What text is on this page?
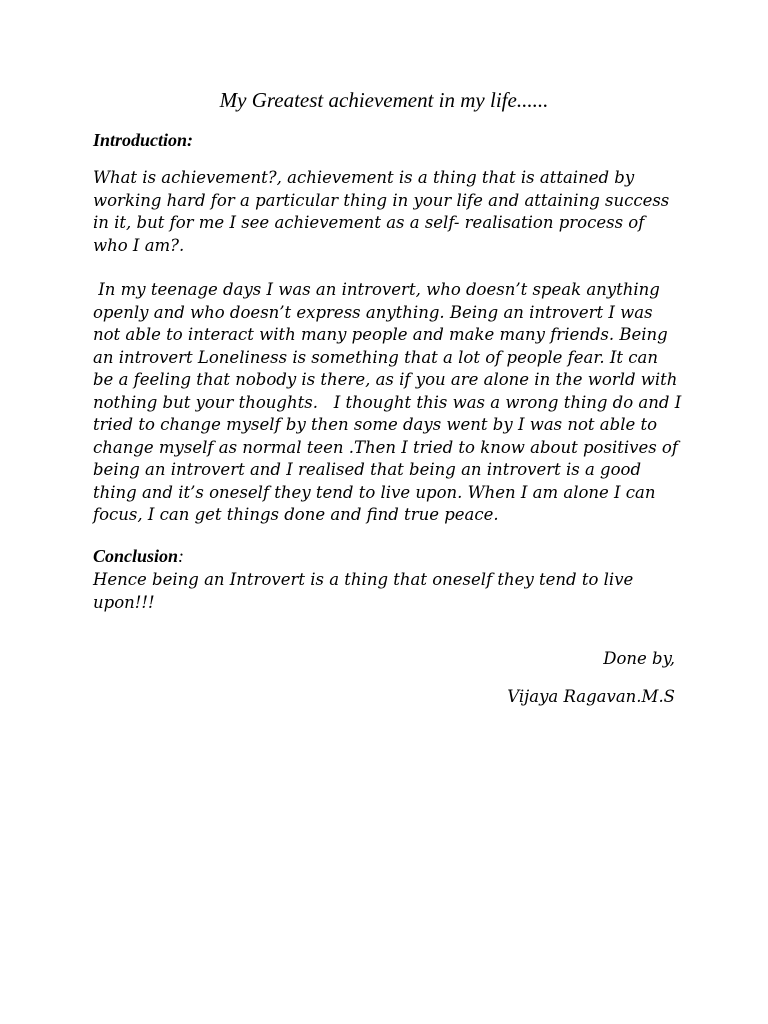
My Greatest achievement in my life......
Introduction:

What is achievement?, achievement is a thing that is attained by
working hard for a particular thing in your life and attaining success
in it, but for me I see achievement as a self- realisation process of
who I am?.

In my teenage days I was an introvert, who doesn’t speak anything
openly and who doesn’t express anything. Being an introvert I was
not able to interact with many people and make many friends. Being
an introvert Loneliness is something that a lot of people fear. It can
be a feeling that nobody is there, as if you are alone in the world with
nothing but your thoughts.   I thought this was a wrong thing do and I
tried to change myself by then some days went by I was not able to
change myself as normal teen .Then I tried to know about positives of
being an introvert and I realised that being an introvert is a good
thing and it’s oneself they tend to live upon. When I am alone I can
focus, I can get things done and find true peace.

Conclusion:

Hence being an Introvert is a thing that oneself they tend to live
upon!!!

Done by,

Vijaya Ragavan.M.S
